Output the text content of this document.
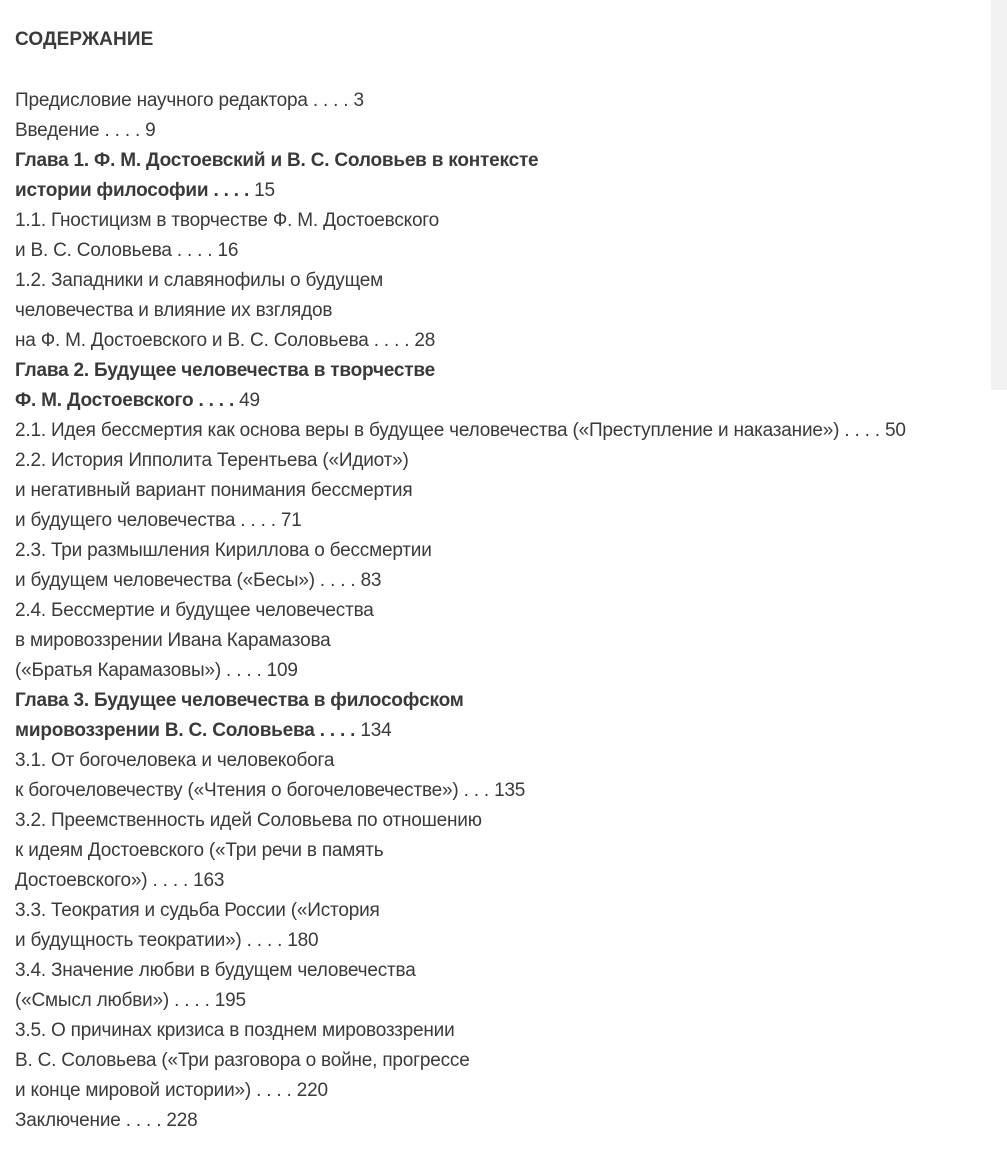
СОДЕРЖАНИЕ
Предисловие научного редактора . . . . 3
Введение . . . . 9
Глава 1. Ф. М. Достоевский и В. С. Соловьев в контексте
истории философии . . . . 15
1.1. Гностицизм в творчестве Ф. М. Достоевского
и В. С. Соловьева . . . . 16
1.2. Западники и славянофилы о будущем
человечества и влияние их взглядов
на Ф. М. Достоевского и В. С. Соловьева . . . . 28
Глава 2. Будущее человечества в творчестве
Ф. М. Достоевского . . . . 49
2.1. Идея бессмертия как основа веры в будущее человечества («Преступление и наказание») . . . . 50
2.2. История Ипполита Терентьева («Идиот»)
и негативный вариант понимания бессмертия
и будущего человечества . . . . 71
2.3. Три размышления Кириллова о бессмертии
и будущем человечества («Бесы») . . . . 83
2.4. Бессмертие и будущее человечества
в мировоззрении Ивана Карамазова
(«Братья Карамазовы») . . . . 109
Глава 3. Будущее человечества в философском
мировоззрении В. С. Соловьева . . . . 134
3.1. От богочеловека и человекобога
к богочеловечеству («Чтения о богочеловечестве») . . . 135
3.2. Преемственность идей Соловьева по отношению
к идеям Достоевского («Три речи в память
Достоевского») . . . . 163
3.3. Теократия и судьба России («История
и будущность теократии») . . . . 180
3.4. Значение любви в будущем человечества
(«Смысл любви») . . . . 195
3.5. О причинах кризиса в позднем мировоззрении
В. С. Соловьева («Три разговора о войне, прогрессе
и конце мировой истории») . . . . 220
Заключение . . . . 228
